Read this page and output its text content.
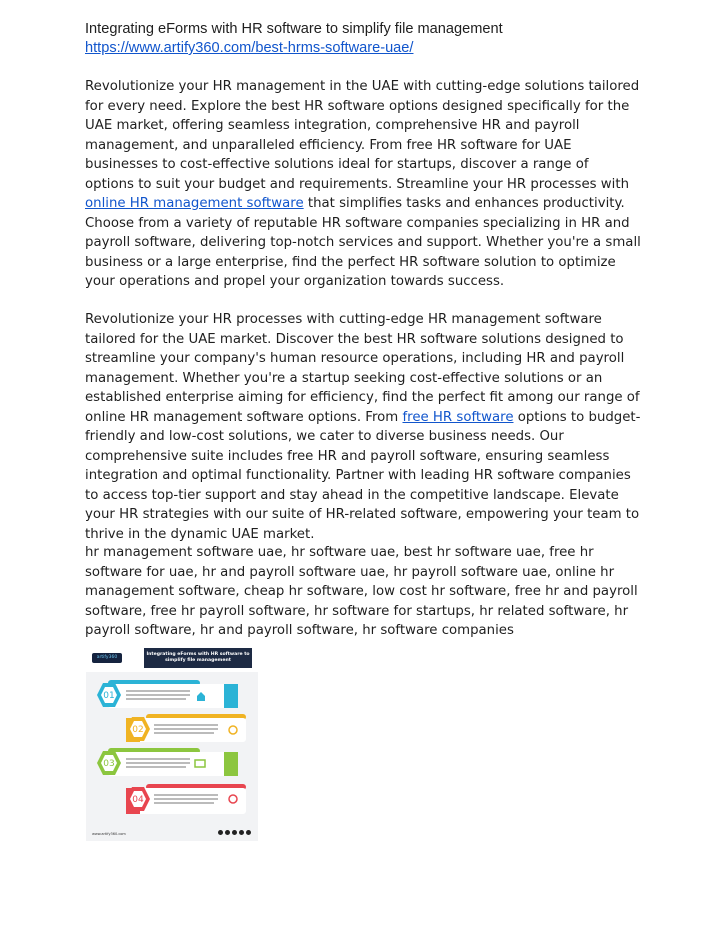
Integrating eForms with HR software to simplify file management

https://www.artify360.com/best-hrms-software-uae/

Revolutionize your HR management in the UAE with cutting-edge solutions tailored for every need. Explore the best HR software options designed specifically for the UAE market, offering seamless integration, comprehensive HR and payroll management, and unparalleled efficiency. From free HR software for UAE businesses to cost-effective solutions ideal for startups, discover a range of options to suit your budget and requirements. Streamline your HR processes with online HR management software that simplifies tasks and enhances productivity. Choose from a variety of reputable HR software companies specializing in HR and payroll software, delivering top-notch services and support. Whether you're a small business or a large enterprise, find the perfect HR software solution to optimize your operations and propel your organization towards success.

Revolutionize your HR processes with cutting-edge HR management software tailored for the UAE market. Discover the best HR software solutions designed to streamline your company's human resource operations, including HR and payroll management. Whether you're a startup seeking cost-effective solutions or an established enterprise aiming for efficiency, find the perfect fit among our range of online HR management software options. From free HR software options to budget-friendly and low-cost solutions, we cater to diverse business needs. Our comprehensive suite includes free HR and payroll software, ensuring seamless integration and optimal functionality. Partner with leading HR software companies to access top-tier support and stay ahead in the competitive landscape. Elevate your HR strategies with our suite of HR-related software, empowering your team to thrive in the dynamic UAE market.

hr management software uae, hr software uae, best hr software uae, free hr software for uae, hr and payroll software uae, hr payroll software uae, online hr management software, cheap hr software, low cost hr software, free hr and payroll software, free hr payroll software, hr software for startups, hr related software, hr payroll software, hr and payroll software, hr software companies

artify360
Integrating eForms with HR software to simplify file management
01
02
03
04
www.artify360.com
